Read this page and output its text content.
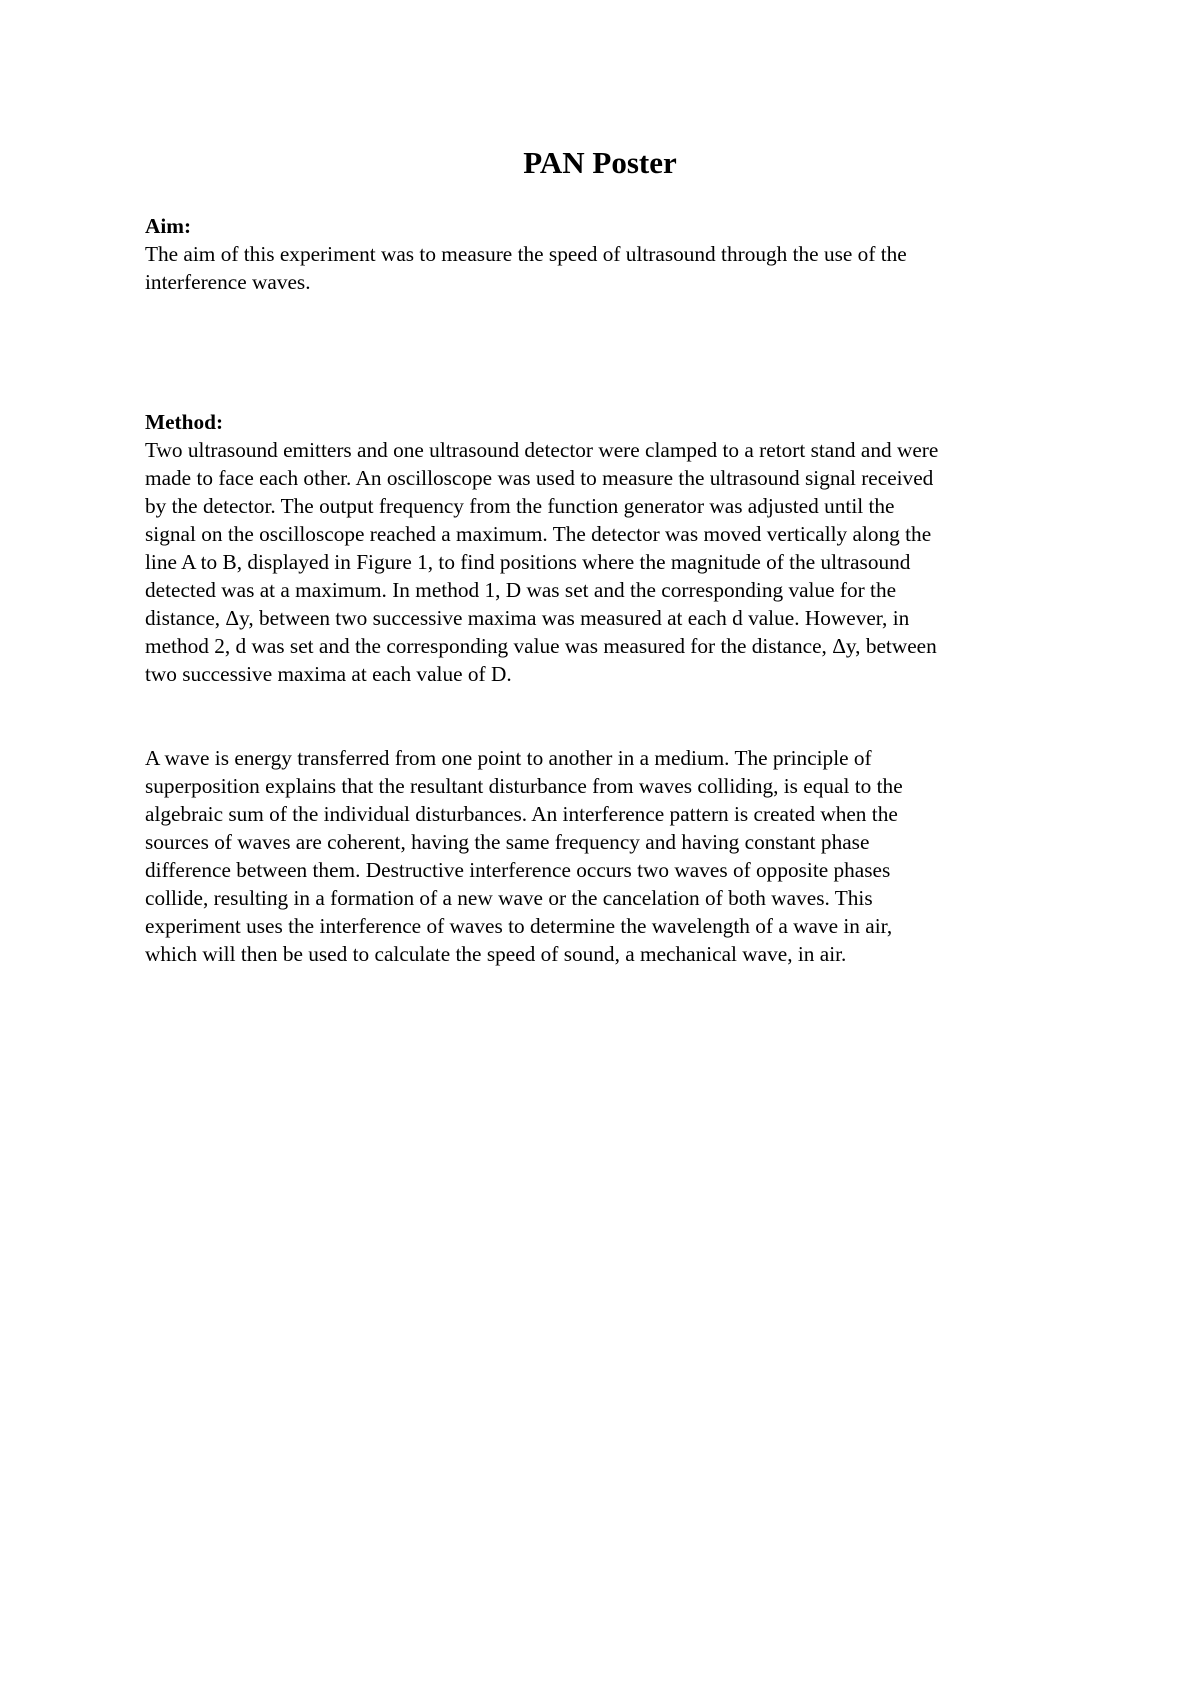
PAN Poster
Aim:
The aim of this experiment was to measure the speed of ultrasound through the use of the
interference waves.
Method:
Two ultrasound emitters and one ultrasound detector were clamped to a retort stand and were
made to face each other. An oscilloscope was used to measure the ultrasound signal received
by the detector. The output frequency from the function generator was adjusted until the
signal on the oscilloscope reached a maximum. The detector was moved vertically along the
line A to B, displayed in Figure 1, to find positions where the magnitude of the ultrasound
detected was at a maximum. In method 1, D was set and the corresponding value for the
distance, Δy, between two successive maxima was measured at each d value. However, in
method 2, d was set and the corresponding value was measured for the distance, Δy, between
two successive maxima at each value of D.
A wave is energy transferred from one point to another in a medium. The principle of
superposition explains that the resultant disturbance from waves colliding, is equal to the
algebraic sum of the individual disturbances. An interference pattern is created when the
sources of waves are coherent, having the same frequency and having constant phase
difference between them. Destructive interference occurs two waves of opposite phases
collide, resulting in a formation of a new wave or the cancelation of both waves. This
experiment uses the interference of waves to determine the wavelength of a wave in air,
which will then be used to calculate the speed of sound, a mechanical wave, in air.
